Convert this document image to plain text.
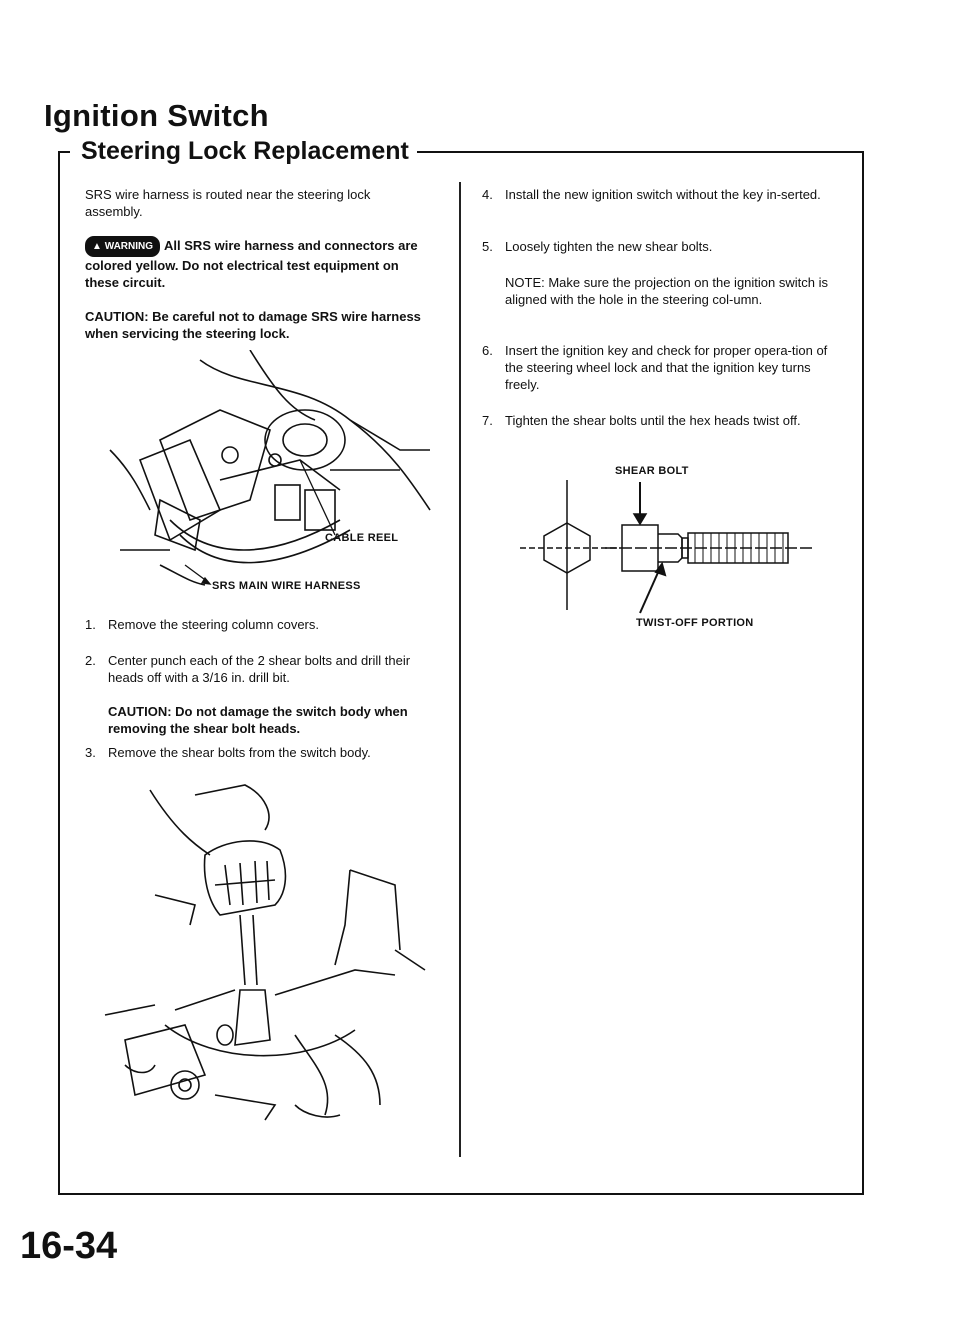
Ignition Switch
Steering Lock Replacement
SRS wire harness is routed near the steering lock assembly.
▲ WARNING All SRS wire harness and connectors are colored yellow. Do not electrical test equipment on these circuit.
CAUTION: Be careful not to damage SRS wire harness when servicing the steering lock.
CABLE REEL
SRS MAIN WIRE HARNESS
1. Remove the steering column covers.
2. Center punch each of the 2 shear bolts and drill their heads off with a 3/16 in. drill bit.
CAUTION: Do not damage the switch body when removing the shear bolt heads.
3. Remove the shear bolts from the switch body.
4. Install the new ignition switch without the key in-serted.
5. Loosely tighten the new shear bolts.
NOTE: Make sure the projection on the ignition switch is aligned with the hole in the steering col-umn.
6. Insert the ignition key and check for proper opera-tion of the steering wheel lock and that the ignition key turns freely.
7. Tighten the shear bolts until the hex heads twist off.
SHEAR BOLT
TWIST-OFF PORTION
16-34
